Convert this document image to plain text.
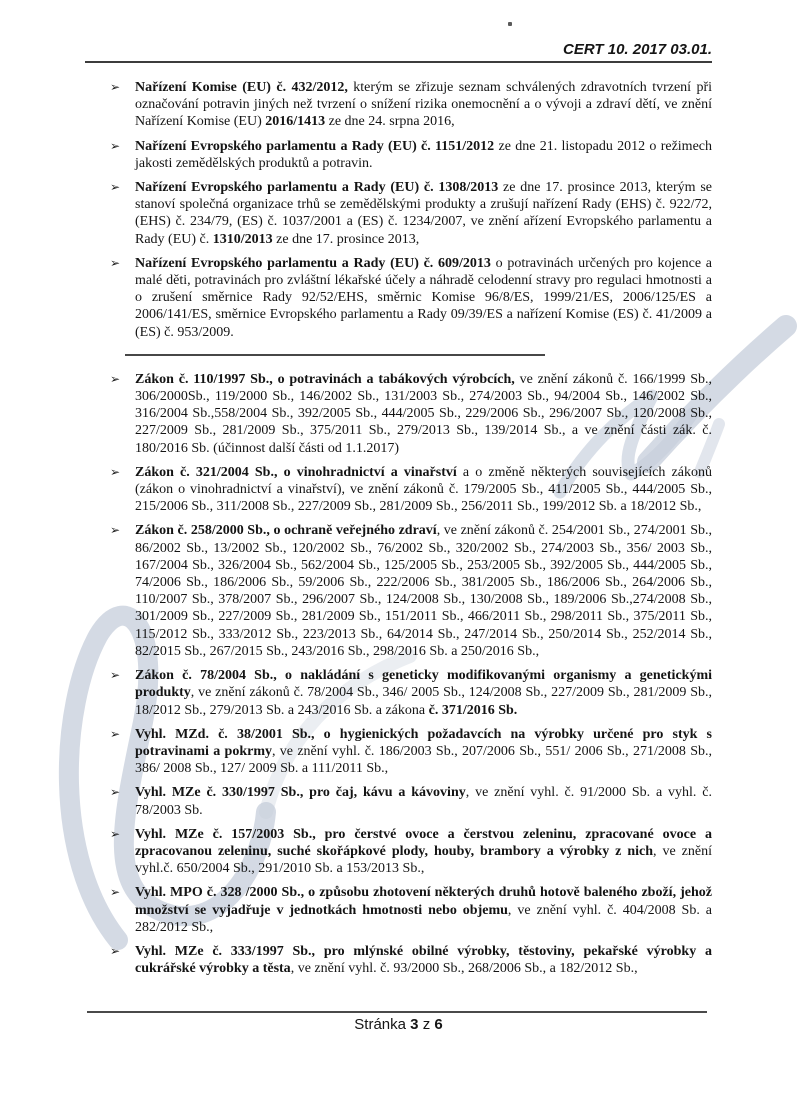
CERT 10. 2017 03.01.
➢ Nařízení Komise (EU) č. 432/2012, kterým se zřizuje seznam schválených zdravotních tvrzení při označování potravin jiných než tvrzení o snížení rizika onemocnění a o vývoji a zdraví dětí, ve znění Nařízení Komise (EU) 2016/1413 ze dne 24. srpna 2016,
➢ Nařízení Evropského parlamentu a Rady (EU) č. 1151/2012 ze dne 21. listopadu 2012 o režimech jakosti zemědělských produktů a potravin.
➢ Nařízení Evropského parlamentu a Rady (EU) č. 1308/2013 ze dne 17. prosince 2013, kterým se stanoví společná organizace trhů se zemědělskými produkty a zrušují nařízení Rady (EHS) č. 922/72, (EHS) č. 234/79, (ES) č. 1037/2001 a (ES) č. 1234/2007, ve znění ařízení Evropského parlamentu a Rady (EU) č. 1310/2013 ze dne 17. prosince 2013,
➢ Nařízení Evropského parlamentu a Rady (EU) č. 609/2013 o potravinách určených pro kojence a malé děti, potravinách pro zvláštní lékařské účely a náhradě celodenní stravy pro regulaci hmotnosti a o zrušení směrnice Rady 92/52/EHS, směrnic Komise 96/8/ES, 1999/21/ES, 2006/125/ES a 2006/141/ES, směrnice Evropského parlamentu a Rady 09/39/ES a nařízení Komise (ES) č. 41/2009 a (ES) č. 953/2009.
➢ Zákon č. 110/1997 Sb., o potravinách a tabákových výrobcích, ve znění zákonů č. 166/1999 Sb., 306/2000Sb., 119/2000 Sb., 146/2002 Sb., 131/2003 Sb., 274/2003 Sb., 94/2004 Sb., 146/2002 Sb., 316/2004 Sb.,558/2004 Sb., 392/2005 Sb., 444/2005 Sb., 229/2006 Sb., 296/2007 Sb., 120/2008 Sb., 227/2009 Sb., 281/2009 Sb., 375/2011 Sb., 279/2013 Sb., 139/2014 Sb., a ve znění části zák. č. 180/2016 Sb. (účinnost další části od 1.1.2017)
➢ Zákon č. 321/2004 Sb., o vinohradnictví a vinařství a o změně některých souvisejících zákonů (zákon o vinohradnictví a vinařství), ve znění zákonů č. 179/2005 Sb., 411/2005 Sb., 444/2005 Sb., 215/2006 Sb., 311/2008 Sb., 227/2009 Sb., 281/2009 Sb., 256/2011 Sb., 199/2012 Sb. a 18/2012 Sb.,
➢ Zákon č. 258/2000 Sb., o ochraně veřejného zdraví, ve znění zákonů č. 254/2001 Sb., 274/2001 Sb., 86/2002 Sb., 13/2002 Sb., 120/2002 Sb., 76/2002 Sb., 320/2002 Sb., 274/2003 Sb., 356/ 2003 Sb., 167/2004 Sb., 326/2004 Sb., 562/2004 Sb., 125/2005 Sb., 253/2005 Sb., 392/2005 Sb., 444/2005 Sb., 74/2006 Sb., 186/2006 Sb., 59/2006 Sb., 222/2006 Sb., 381/2005 Sb., 186/2006 Sb., 264/2006 Sb., 110/2007 Sb., 378/2007 Sb., 296/2007 Sb., 124/2008 Sb., 130/2008 Sb., 189/2006 Sb.,274/2008 Sb., 301/2009 Sb., 227/2009 Sb., 281/2009 Sb., 151/2011 Sb., 466/2011 Sb., 298/2011 Sb., 375/2011 Sb., 115/2012 Sb., 333/2012 Sb., 223/2013 Sb., 64/2014 Sb., 247/2014 Sb., 250/2014 Sb., 252/2014 Sb., 82/2015 Sb., 267/2015 Sb., 243/2016 Sb., 298/2016 Sb. a 250/2016 Sb.,
➢ Zákon č. 78/2004 Sb., o nakládání s geneticky modifikovanými organismy a genetickými produkty, ve znění zákonů č. 78/2004 Sb., 346/ 2005 Sb., 124/2008 Sb., 227/2009 Sb., 281/2009 Sb., 18/2012 Sb., 279/2013 Sb. a 243/2016 Sb. a zákona č. 371/2016 Sb.
➢ Vyhl. MZd. č. 38/2001 Sb., o hygienických požadavcích na výrobky určené pro styk s potravinami a pokrmy, ve znění vyhl. č. 186/2003 Sb., 207/2006 Sb., 551/ 2006 Sb., 271/2008 Sb., 386/ 2008 Sb., 127/ 2009 Sb. a 111/2011 Sb.,
➢ Vyhl. MZe č. 330/1997 Sb., pro čaj, kávu a kávoviny, ve znění vyhl. č. 91/2000 Sb. a vyhl. č. 78/2003 Sb.
➢ Vyhl. MZe č. 157/2003 Sb., pro čerstvé ovoce a čerstvou zeleninu, zpracované ovoce a zpracovanou zeleninu, suché skořápkové plody, houby, brambory a výrobky z nich, ve znění vyhl.č. 650/2004 Sb., 291/2010 Sb. a 153/2013 Sb.,
➢ Vyhl. MPO č. 328 /2000 Sb., o způsobu zhotovení některých druhů hotově baleného zboží, jehož množství se vyjadřuje v jednotkách hmotnosti nebo objemu, ve znění vyhl. č. 404/2008 Sb. a 282/2012 Sb.,
➢ Vyhl. MZe č. 333/1997 Sb., pro mlýnské obilné výrobky, těstoviny, pekařské výrobky a cukrářské výrobky a těsta, ve znění vyhl. č. 93/2000 Sb., 268/2006 Sb., a 182/2012 Sb.,
Stránka 3 z 6
